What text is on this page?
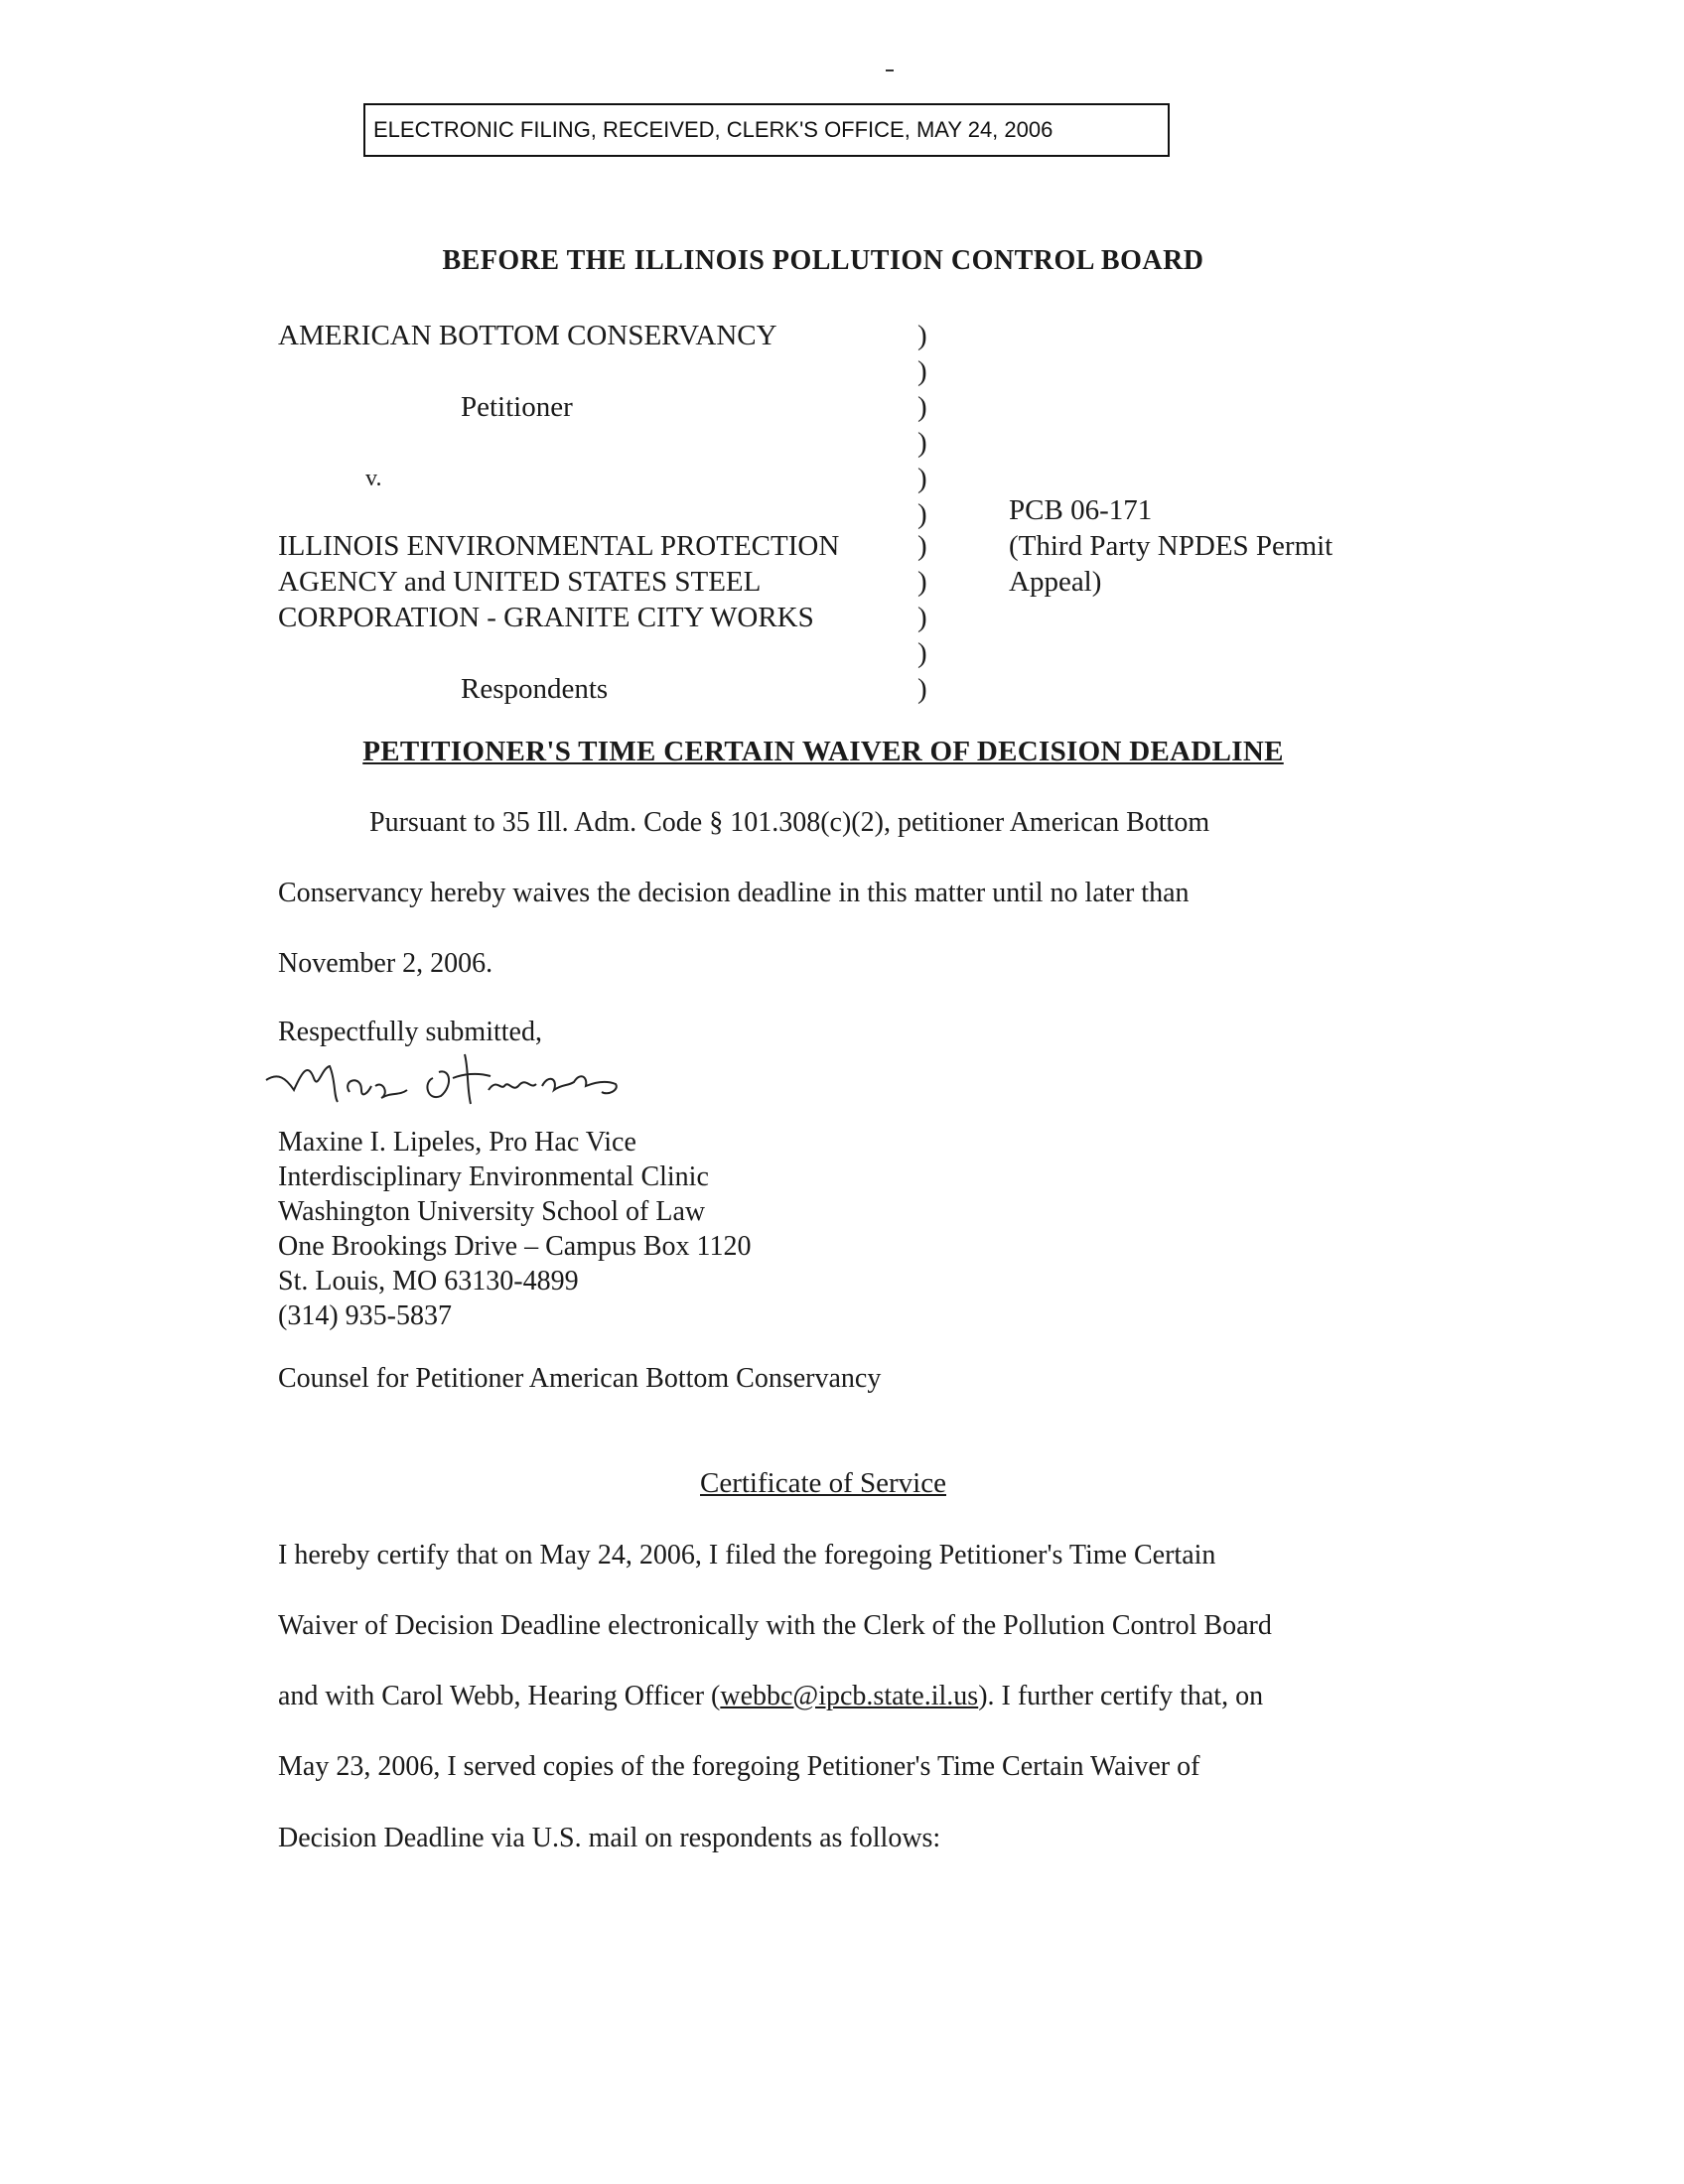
ELECTRONIC FILING, RECEIVED, CLERK'S OFFICE, MAY 24, 2006
BEFORE THE ILLINOIS POLLUTION CONTROL BOARD
AMERICAN BOTTOM CONSERVANCY
Petitioner
v.
ILLINOIS ENVIRONMENTAL PROTECTION
AGENCY and UNITED STATES STEEL
CORPORATION - GRANITE CITY WORKS
Respondents
)
)
)
)
)
)
)
)
)
)
)
PCB 06-171
(Third Party NPDES Permit
Appeal)
PETITIONER'S TIME CERTAIN WAIVER OF DECISION DEADLINE
Pursuant to 35 Ill. Adm. Code § 101.308(c)(2), petitioner American Bottom
Conservancy hereby waives the decision deadline in this matter until no later than
November 2, 2006.
Respectfully submitted,
Maxine I. Lipeles, Pro Hac Vice
Interdisciplinary Environmental Clinic
Washington University School of Law
One Brookings Drive – Campus Box 1120
St. Louis, MO 63130-4899
(314) 935-5837
Counsel for Petitioner American Bottom Conservancy
Certificate of Service
I hereby certify that on May 24, 2006, I filed the foregoing Petitioner's Time Certain
Waiver of Decision Deadline electronically with the Clerk of the Pollution Control Board
and with Carol Webb, Hearing Officer (webbc@ipcb.state.il.us). I further certify that, on
May 23, 2006, I served copies of the foregoing Petitioner's Time Certain Waiver of
Decision Deadline via U.S. mail on respondents as follows:
